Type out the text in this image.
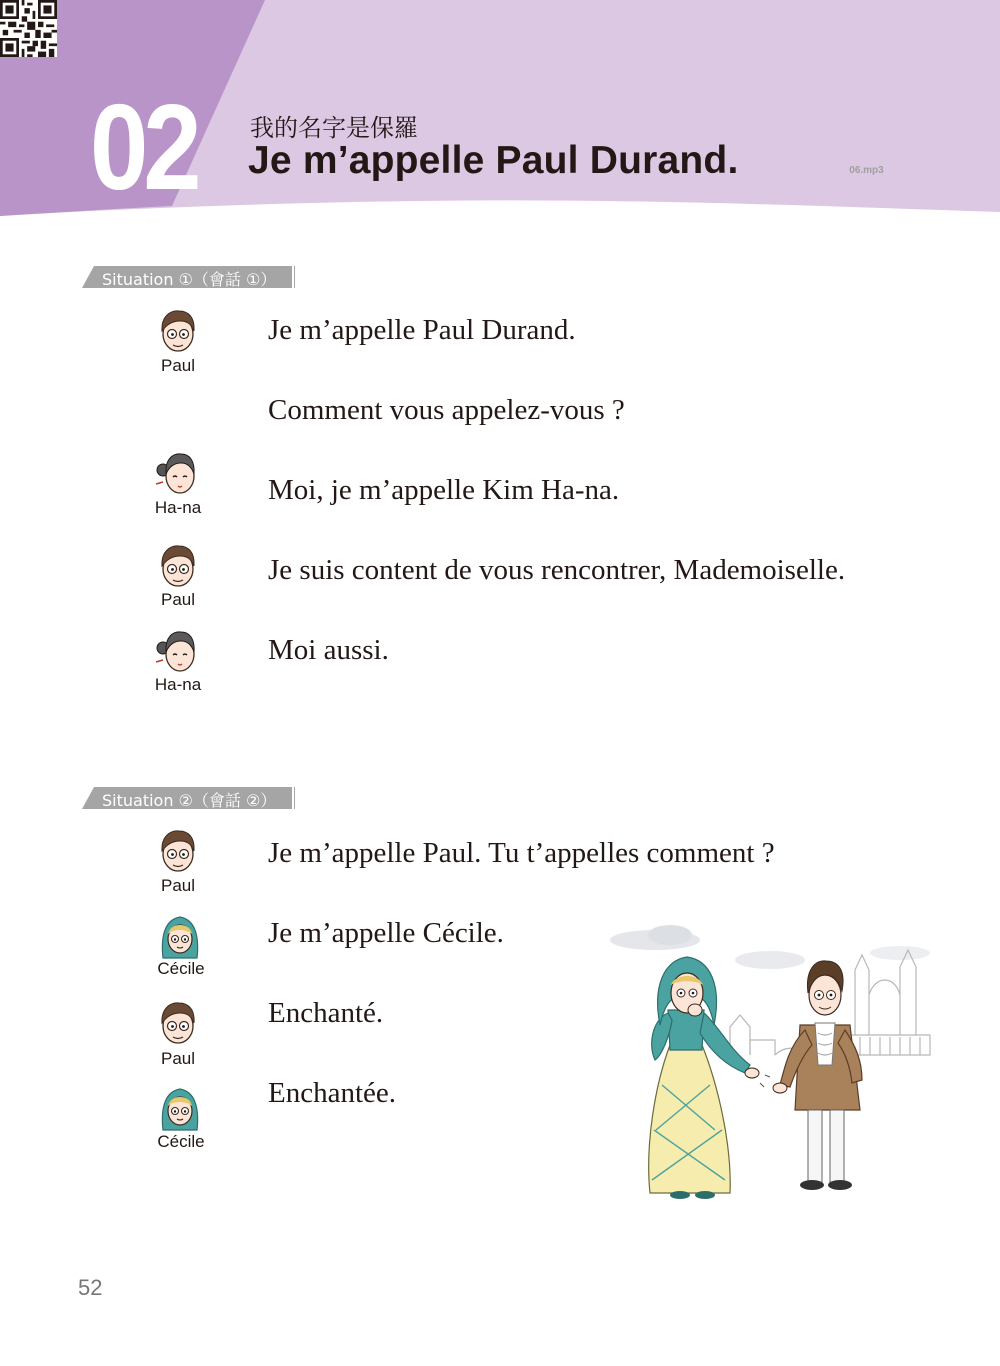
02 我的名字是保羅
Je m’appelle Paul Durand.	06.mp3
Situation ①（會話 ①）
Paul
Je m’appelle Paul Durand.
Comment vous appelez-vous ?
Ha-na
Moi, je m’appelle Kim Ha-na.
Paul
Je suis content de vous rencontrer, Mademoiselle.
Ha-na
Moi aussi.
Situation ②（會話 ②）
Paul
Je m’appelle Paul. Tu t’appelles comment ?
Cécile
Je m’appelle Cécile.
Paul
Enchanté.
Cécile
Enchantée.
52
